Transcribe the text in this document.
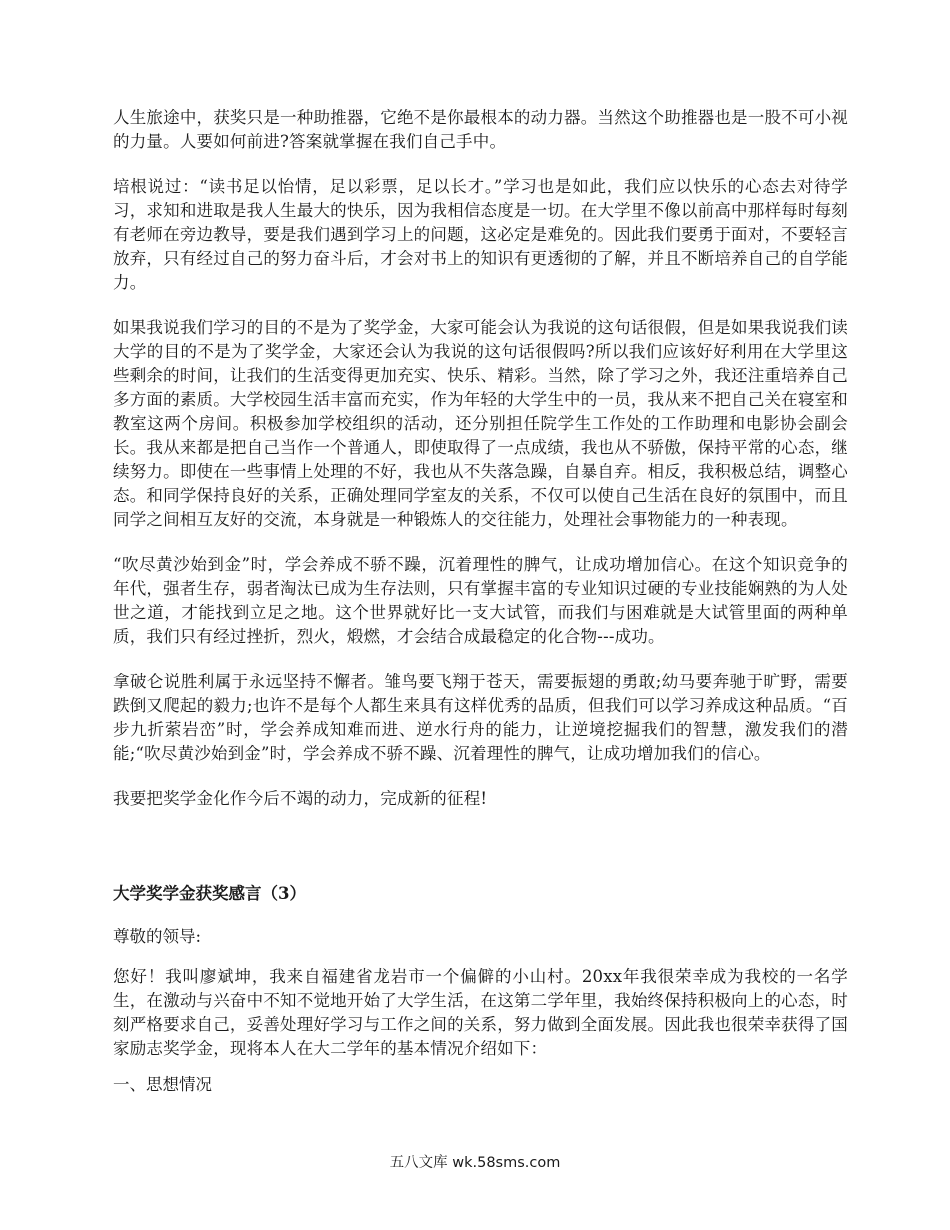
人生旅途中，获奖只是一种助推器，它绝不是你最根本的动力器。当然这个助推器也是一股不可小视的力量。人要如何前进?答案就掌握在我们自己手中。

培根说过：“读书足以怡情，足以彩票，足以长才。”学习也是如此，我们应以快乐的心态去对待学习，求知和进取是我人生最大的快乐，因为我相信态度是一切。在大学里不像以前高中那样每时每刻有老师在旁边教导，要是我们遇到学习上的问题，这必定是难免的。因此我们要勇于面对，不要轻言放弃，只有经过自己的努力奋斗后，才会对书上的知识有更透彻的了解，并且不断培养自己的自学能力。

如果我说我们学习的目的不是为了奖学金，大家可能会认为我说的这句话很假，但是如果我说我们读大学的目的不是为了奖学金，大家还会认为我说的这句话很假吗?所以我们应该好好利用在大学里这些剩余的时间，让我们的生活变得更加充实、快乐、精彩。当然，除了学习之外，我还注重培养自己多方面的素质。大学校园生活丰富而充实，作为年轻的大学生中的一员，我从来不把自己关在寝室和教室这两个房间。积极参加学校组织的活动，还分别担任院学生工作处的工作助理和电影协会副会长。我从来都是把自己当作一个普通人，即使取得了一点成绩，我也从不骄傲，保持平常的心态，继续努力。即使在一些事情上处理的不好，我也从不失落急躁，自暴自弃。相反，我积极总结，调整心态。和同学保持良好的关系，正确处理同学室友的关系，不仅可以使自己生活在良好的氛围中，而且同学之间相互友好的交流，本身就是一种锻炼人的交往能力，处理社会事物能力的一种表现。

“吹尽黄沙始到金”时，学会养成不骄不躁，沉着理性的脾气，让成功增加信心。在这个知识竞争的年代，强者生存，弱者淘汰已成为生存法则，只有掌握丰富的专业知识过硬的专业技能娴熟的为人处世之道，才能找到立足之地。这个世界就好比一支大试管，而我们与困难就是大试管里面的两种单质，我们只有经过挫折，烈火，煅燃，才会结合成最稳定的化合物---成功。

拿破仑说胜利属于永远坚持不懈者。雏鸟要飞翔于苍天，需要振翅的勇敢;幼马要奔驰于旷野，需要跌倒又爬起的毅力;也许不是每个人都生来具有这样优秀的品质，但我们可以学习养成这种品质。“百步九折萦岩峦”时，学会养成知难而进、逆水行舟的能力，让逆境挖掘我们的智慧，激发我们的潜能;“吹尽黄沙始到金”时，学会养成不骄不躁、沉着理性的脾气，让成功增加我们的信心。

我要把奖学金化作今后不竭的动力，完成新的征程!

大学奖学金获奖感言（3）

尊敬的领导:

您好！我叫廖斌坤，我来自福建省龙岩市一个偏僻的小山村。20xx年我很荣幸成为我校的一名学生，在激动与兴奋中不知不觉地开始了大学生活，在这第二学年里，我始终保持积极向上的心态，时刻严格要求自己，妥善处理好学习与工作之间的关系，努力做到全面发展。因此我也很荣幸获得了国家励志奖学金，现将本人在大二学年的基本情况介绍如下：

一、思想情况

五八文库 wk.58sms.com
